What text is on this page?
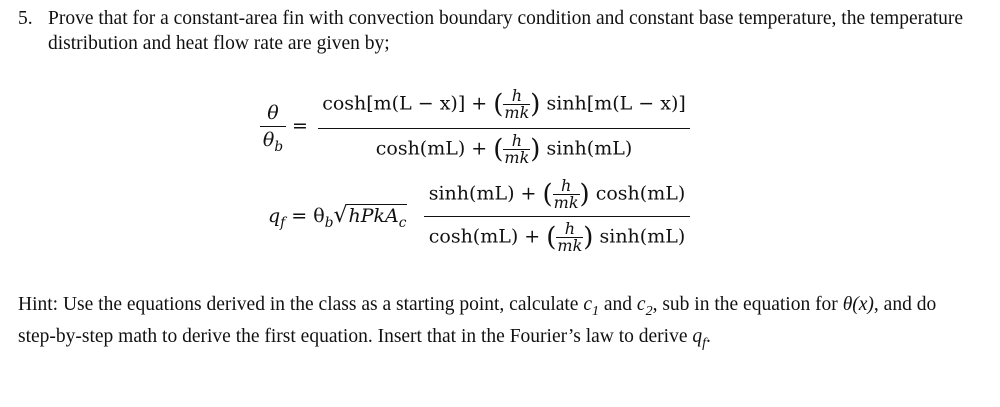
5. Prove that for a constant-area fin with convection boundary condition and constant base temperature, the temperature distribution and heat flow rate are given by;
θ
$\theta_b$
=
cosh[m(L − x)] + ( $\frac{h}{mk}$ ) sinh[m(L − x)]
cosh(mL) + ( $\frac{h}{mk}$ ) sinh(mL)
$q_f$ = $\theta_b√hPkA_c$
sinh(mL) + ( $\frac{h}{mk}$ ) cosh(mL)
cosh(mL) + ( $\frac{h}{mk}$ ) sinh(mL)
Hint: Use the equations derived in the class as a starting point, calculate $c_1$ and $c_2$, sub in the equation for θ(x), and do step-by-step math to derive the first equation. Insert that in the Fourier’s law to derive $q_f$.
